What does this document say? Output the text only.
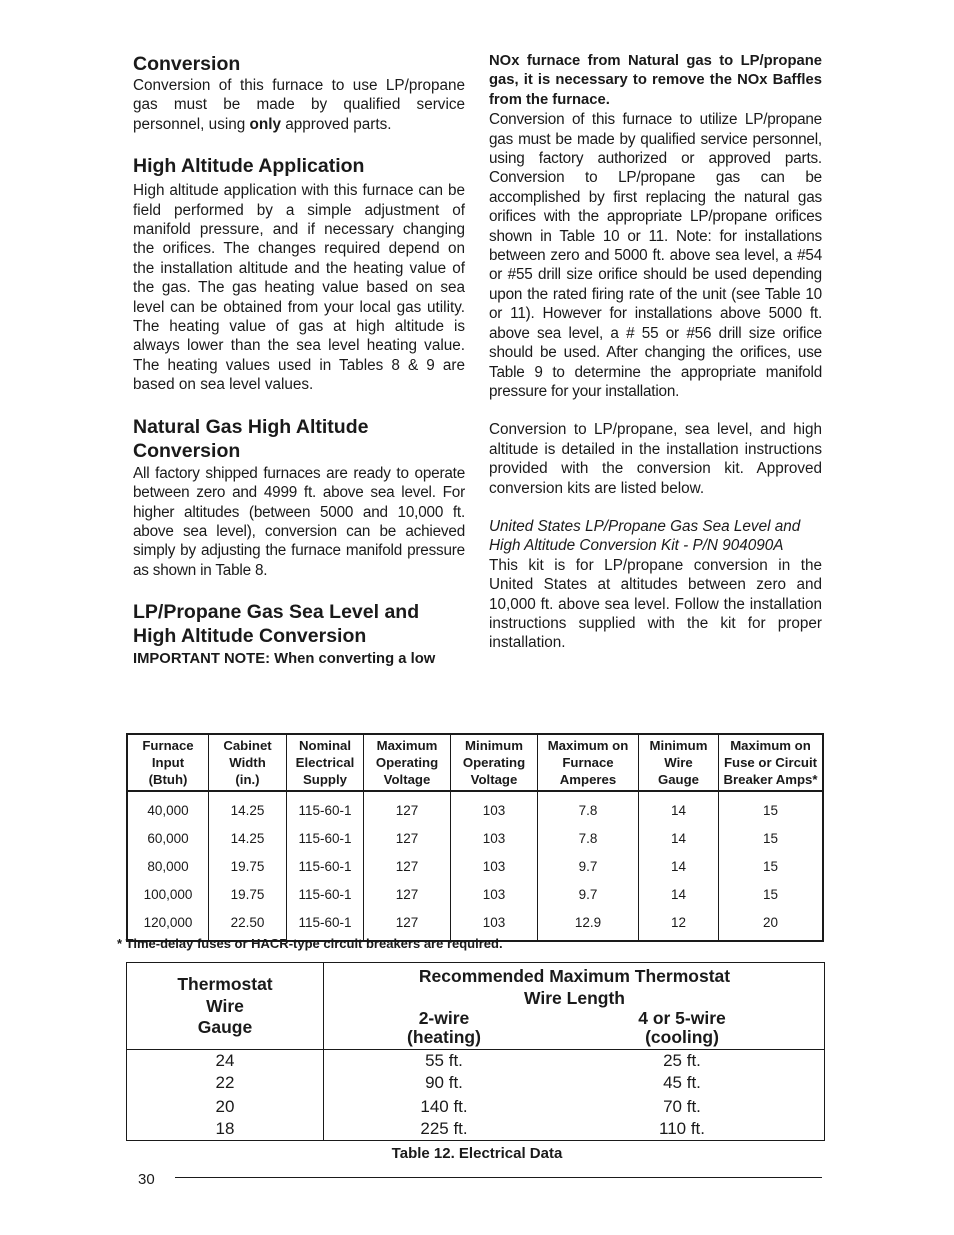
Conversion

Conversion of this furnace to use LP/propane gas must be made by qualified service personnel, using only approved parts.

High Altitude Application

High altitude application with this furnace can be field performed by a simple adjustment of manifold pressure, and if necessary changing the orifices. The changes required depend on the installation altitude and the heating value of the gas. The gas heating value based on sea level can be obtained from your local gas utility. The heating value of gas at high altitude is always lower than the sea level heating value. The heating values used in Tables 8 & 9 are based on sea level values.

Natural Gas High Altitude Conversion

All factory shipped furnaces are ready to operate between zero and 4999 ft. above sea level. For higher altitudes (between 5000 and 10,000 ft. above sea level), conversion can be achieved simply by adjusting the furnace manifold pressure as shown in Table 8.

LP/Propane Gas Sea Level and High Altitude Conversion

IMPORTANT NOTE: When converting a low

NOx furnace from Natural gas to LP/propane gas, it is necessary to remove the NOx Baffles from the furnace.

Conversion of this furnace to utilize LP/propane gas must be made by qualified service personnel, using factory authorized or approved parts. Conversion to LP/propane gas can be accomplished by first replacing the natural gas orifices with the appropriate LP/propane orifices shown in Table 10 or 11. Note: for installations between zero and 5000 ft. above sea level, a #54 or #55 drill size orifice should be used depending upon the rated firing rate of the unit (see Table 10 or 11). However for installations above 5000 ft. above sea level, a # 55 or #56 drill size orifice should be used. After changing the orifices, use Table 9 to determine the appropriate manifold pressure for your installation.

Conversion to LP/propane, sea level, and high altitude is detailed in the installation instructions provided with the conversion kit. Approved conversion kits are listed below.

United States LP/Propane Gas Sea Level and High Altitude Conversion Kit - P/N 904090A

This kit is for LP/propane conversion in the United States at altitudes between zero and 10,000 ft. above sea level. Follow the installation instructions supplied with the kit for proper installation.

Furnace
Input
(Btuh)	Cabinet
Width
(in.)	Nominal
Electrical
Supply	Maximum
Operating
Voltage	Minimum
Operating
Voltage	Maximum on
Furnace
Amperes	Minimum
Wire
Gauge	Maximum on
Fuse or Circuit
Breaker Amps*
40,000	14.25	115-60-1	127	103	7.8	14	15
60,000	14.25	115-60-1	127	103	7.8	14	15
80,000	19.75	115-60-1	127	103	9.7	14	15
100,000	19.75	115-60-1	127	103	9.7	14	15
120,000	22.50	115-60-1	127	103	12.9	12	20
* Time-delay fuses or HACR-type circuit breakers are required.
Thermostat
Wire
Gauge
Recommended Maximum Thermostat
Wire Length
2-wire
(heating)
4 or 5-wire
(cooling)
24	55 ft.	25 ft.
22	90 ft.	45 ft.
20	140 ft.	70 ft.
18	225 ft.	110 ft.
Table 12. Electrical Data
30
